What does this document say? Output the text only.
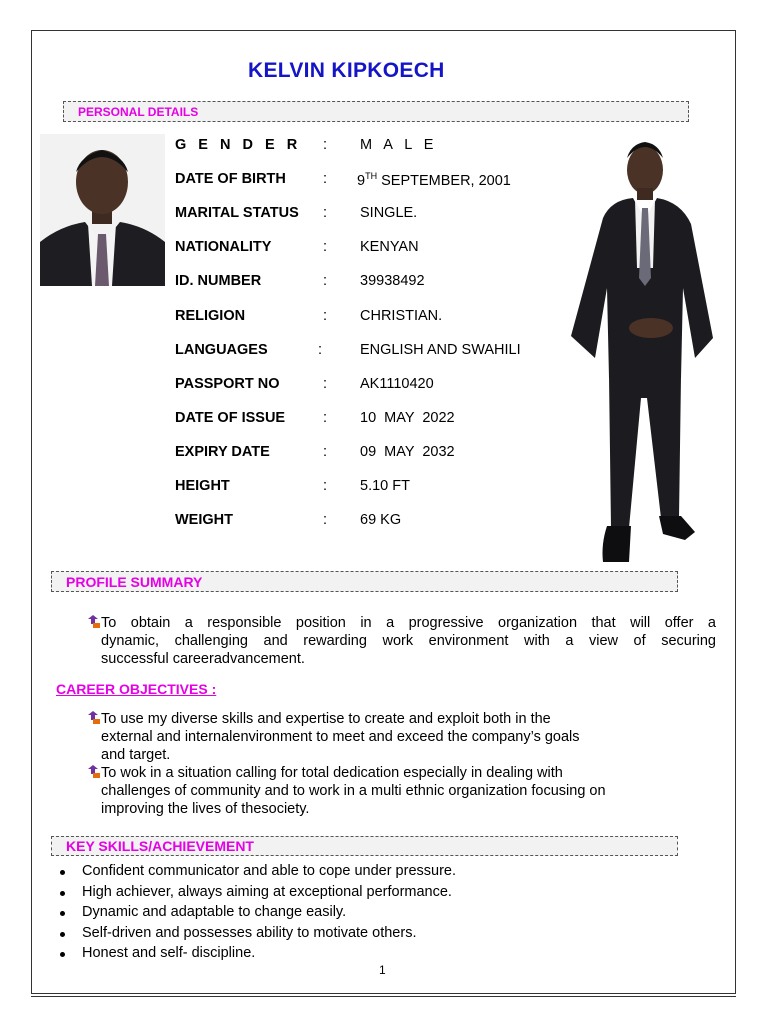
KELVIN KIPKOECH
PERSONAL DETAILS
G E N D E R : M A L E
DATE OF BIRTH	: 9TH SEPTEMBER, 2001
MARITAL STATUS : SINGLE.
NATIONALITY	: KENYAN
ID. NUMBER	: 39938492
RELIGION	: CHRISTIAN.
LANGUAGES	:	ENGLISH AND SWAHILI
PASSPORT NO	: AK1110420
DATE OF ISSUE	: 10  MAY  2022
EXPIRY DATE	: 09  MAY  2032
HEIGHT	: 5.10 FT
WEIGHT	: 69 KG
PROFILE SUMMARY

To obtain a responsible position in a progressive organization that will offer a

dynamic, challenging and rewarding work environment with a view of securing

successful careeradvancement.

CAREER OBJECTIVES :

To use my diverse skills and expertise to create and exploit both in the

external and internalenvironment to meet and exceed the company’s goals

and target.

To wok in a situation calling for total dedication especially in dealing with

challenges of community and to work in a multi ethnic organization focusing on

improving the lives of thesociety.

KEY SKILLS/ACHIEVEMENT
Confident communicator and able to cope under pressure.
High achiever, always aiming at exceptional performance.
Dynamic and adaptable to change easily.
Self-driven and possesses ability to motivate others.
Honest and self- discipline.
1
